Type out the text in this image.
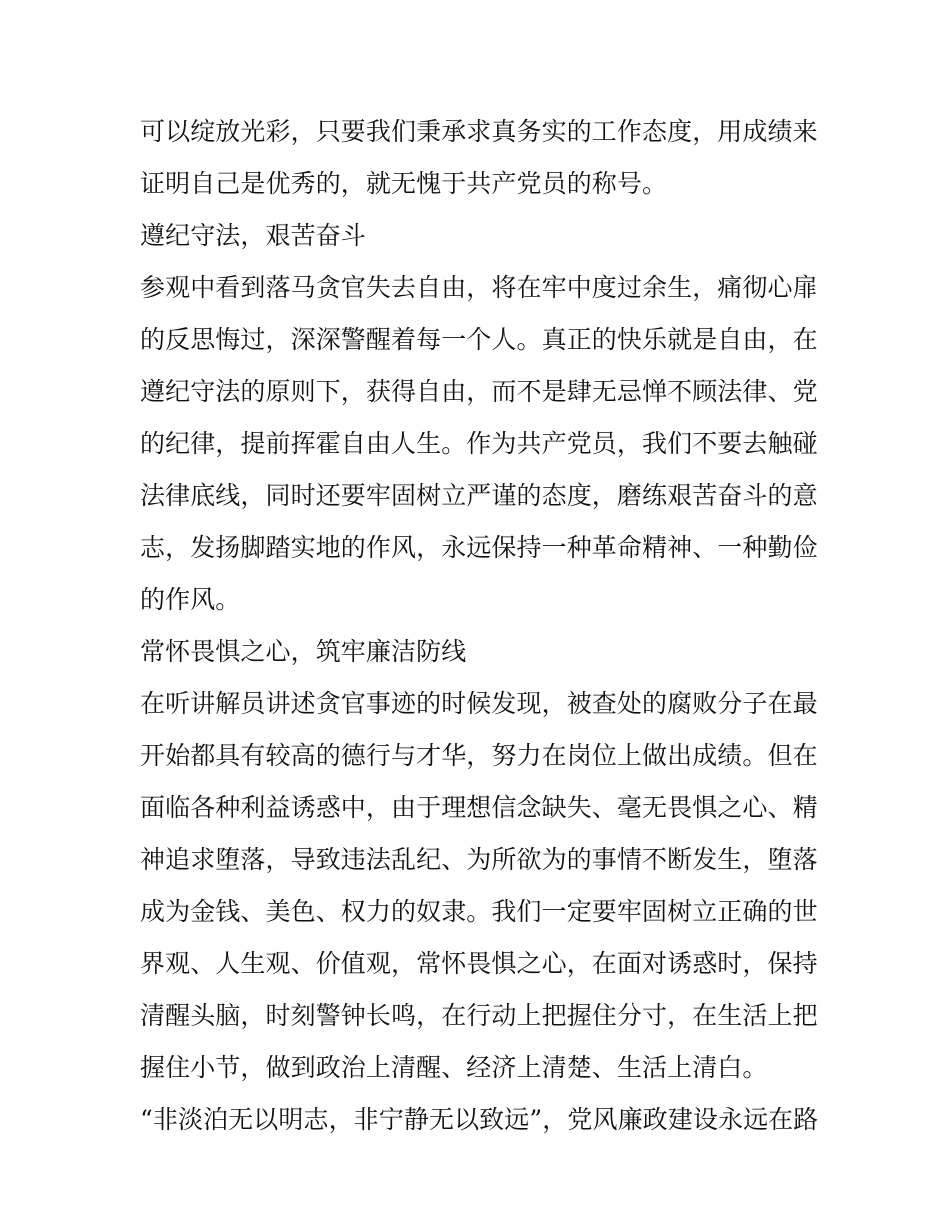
可以绽放光彩，只要我们秉承求真务实的工作态度，用成绩来
证明自己是优秀的，就无愧于共产党员的称号。
遵纪守法，艰苦奋斗
参观中看到落马贪官失去自由，将在牢中度过余生，痛彻心扉
的反思悔过，深深警醒着每一个人。真正的快乐就是自由，在
遵纪守法的原则下，获得自由，而不是肆无忌惮不顾法律、党
的纪律，提前挥霍自由人生。作为共产党员，我们不要去触碰
法律底线，同时还要牢固树立严谨的态度，磨练艰苦奋斗的意
志，发扬脚踏实地的作风，永远保持一种革命精神、一种勤俭
的作风。
常怀畏惧之心，筑牢廉洁防线
在听讲解员讲述贪官事迹的时候发现，被查处的腐败分子在最
开始都具有较高的德行与才华，努力在岗位上做出成绩。但在
面临各种利益诱惑中，由于理想信念缺失、毫无畏惧之心、精
神追求堕落，导致违法乱纪、为所欲为的事情不断发生，堕落
成为金钱、美色、权力的奴隶。我们一定要牢固树立正确的世
界观、人生观、价值观，常怀畏惧之心，在面对诱惑时，保持
清醒头脑，时刻警钟长鸣，在行动上把握住分寸，在生活上把
握住小节，做到政治上清醒、经济上清楚、生活上清白。
“非淡泊无以明志，非宁静无以致远”，党风廉政建设永远在路
